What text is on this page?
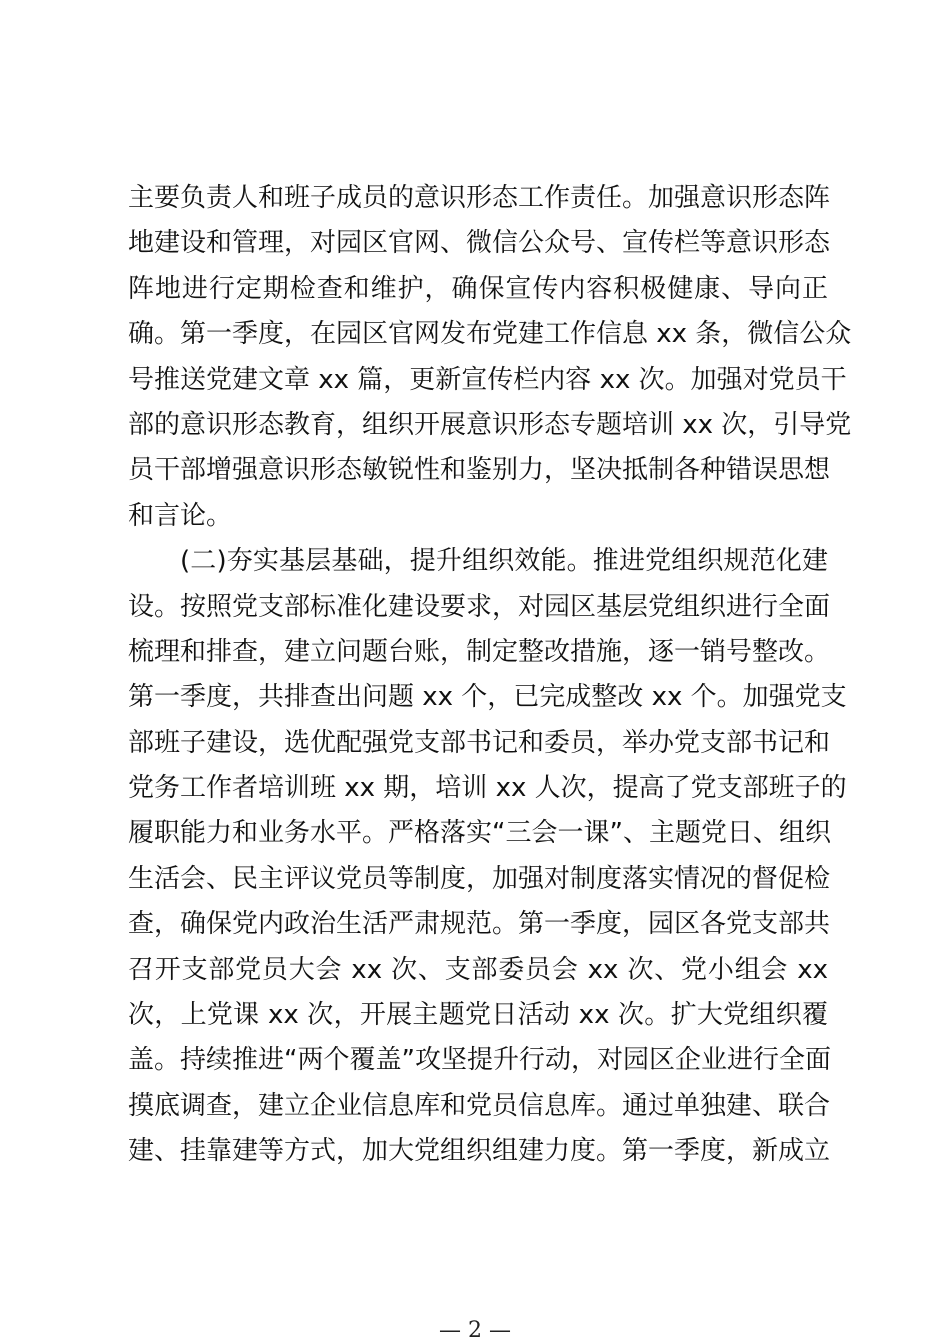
主要负责人和班子成员的意识形态工作责任。加强意识形态阵
地建设和管理，对园区官网、微信公众号、宣传栏等意识形态
阵地进行定期检查和维护，确保宣传内容积极健康、导向正
确。第一季度，在园区官网发布党建工作信息 xx 条，微信公众
号推送党建文章 xx 篇，更新宣传栏内容 xx 次。加强对党员干
部的意识形态教育，组织开展意识形态专题培训 xx 次，引导党
员干部增强意识形态敏锐性和鉴别力，坚决抵制各种错误思想
和言论。
(二)夯实基层基础，提升组织效能。推进党组织规范化建
设。按照党支部标准化建设要求，对园区基层党组织进行全面
梳理和排查，建立问题台账，制定整改措施，逐一销号整改。
第一季度，共排查出问题 xx 个，已完成整改 xx 个。加强党支
部班子建设，选优配强党支部书记和委员，举办党支部书记和
党务工作者培训班 xx 期，培训 xx 人次，提高了党支部班子的
履职能力和业务水平。严格落实“三会一课”、主题党日、组织
生活会、民主评议党员等制度，加强对制度落实情况的督促检
查，确保党内政治生活严肃规范。第一季度，园区各党支部共
召开支部党员大会 xx 次、支部委员会 xx 次、党小组会 xx
次，上党课 xx 次，开展主题党日活动 xx 次。扩大党组织覆
盖。持续推进“两个覆盖”攻坚提升行动，对园区企业进行全面
摸底调查，建立企业信息库和党员信息库。通过单独建、联合
建、挂靠建等方式，加大党组织组建力度。第一季度，新成立
— 2 —
